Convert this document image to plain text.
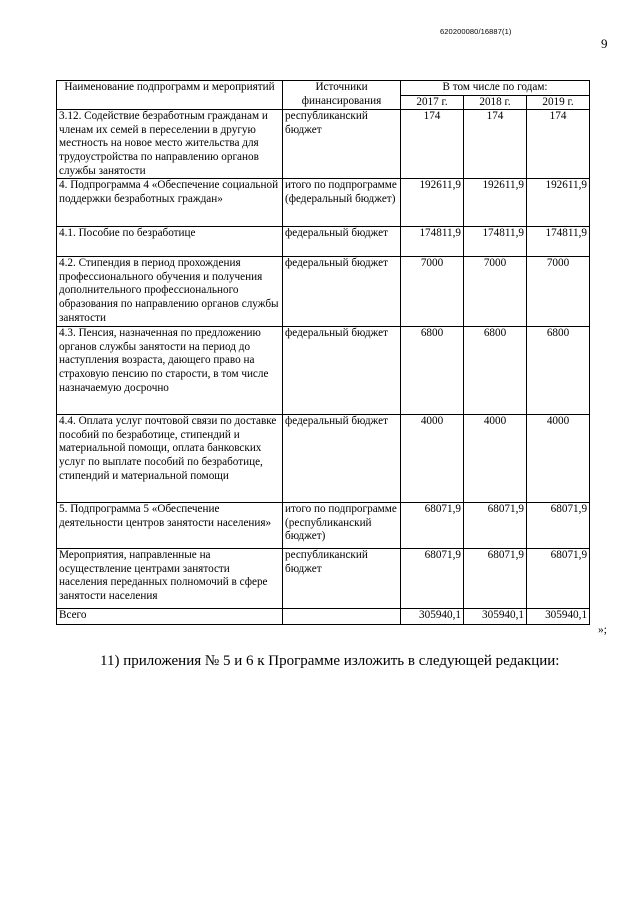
620200080/16887(1)
9
Наименование подпрограмм и мероприятий	Источники финансирования	В том числе по годам:		
		2017 г.	2018 г.	2019 г.
3.12. Содействие безработным гражданам и членам их семей в переселении в другую местность на новое место жительства для трудоустройства по направлению органов службы занятости	республиканский бюджет	174	174	174
4. Подпрограмма 4 «Обеспечение социальной поддержки безработных граждан»	итого по подпрограмме (федеральный бюджет)	192611,9	192611,9	192611,9
4.1. Пособие по безработице	федеральный бюджет	174811,9	174811,9	174811,9
4.2. Стипендия в период прохождения профессионального обучения и получения дополнительного профессионального образования по направлению органов службы занятости	федеральный бюджет	7000	7000	7000
4.3. Пенсия, назначенная по предложению органов службы занятости на период до наступления возраста, дающего право на страховую пенсию по старости, в том числе назначаемую досрочно	федеральный бюджет	6800	6800	6800
4.4. Оплата услуг почтовой связи по доставке пособий по безработице, стипендий и материальной помощи, оплата банковских услуг по выплате пособий по безработице, стипендий и материальной помощи	федеральный бюджет	4000	4000	4000
5. Подпрограмма 5 «Обеспечение деятельности центров занятости населения»	итого по подпрограмме (республиканский бюджет)	68071,9	68071,9	68071,9
Мероприятия, направленные на осуществление центрами занятости населения переданных полномочий в сфере занятости населения	республиканский бюджет	68071,9	68071,9	68071,9
Всего		305940,1	305940,1	305940,1
»;
11) приложения № 5 и 6 к Программе изложить в следующей редакции:
